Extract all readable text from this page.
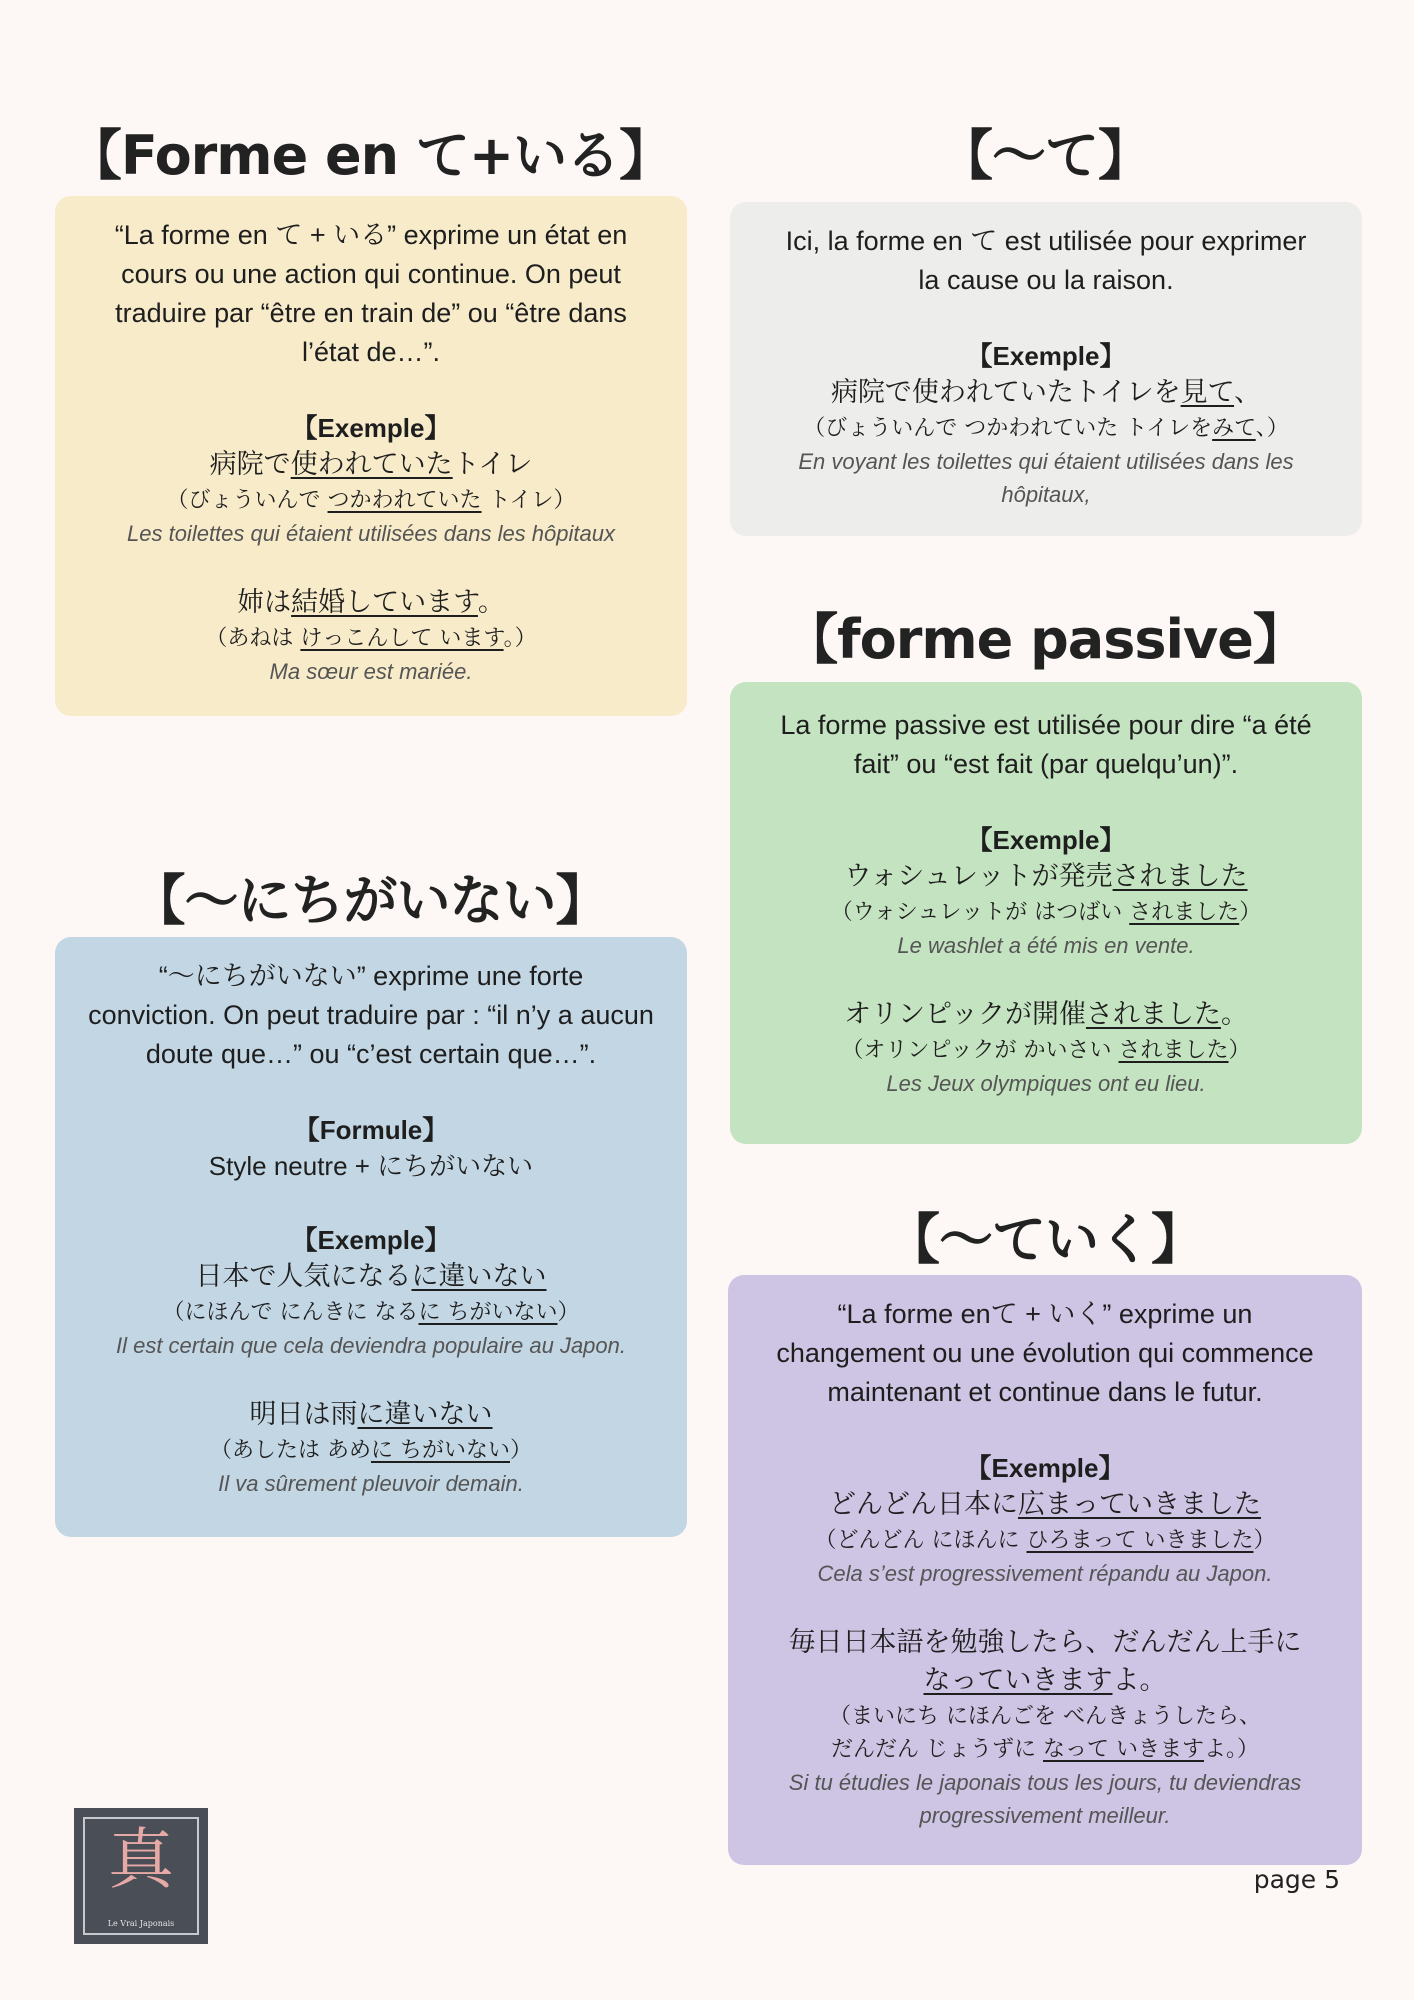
【Forme en て+いる】
“La forme en て + いる” exprime un état en
cours ou une action qui continue. On peut
traduire par “être en train de” ou “être dans
l’état de…”.
【Exemple】
病院で使われていたトイレ
（びょういんで つかわれていた トイレ）
Les toilettes qui étaient utilisées dans les hôpitaux
姉は結婚しています。
（あねは けっこんして います。）
Ma sœur est mariée.
【〜て】
Ici, la forme en て est utilisée pour exprimer
la cause ou la raison.
【Exemple】
病院で使われていたトイレを見て、
（びょういんで つかわれていた トイレをみて、）
En voyant les toilettes qui étaient utilisées dans les
hôpitaux,
【forme passive】
La forme passive est utilisée pour dire “a été
fait” ou “est fait (par quelqu’un)”.
【Exemple】
ウォシュレットが発売されました
（ウォシュレットが はつばい されました）
Le washlet a été mis en vente.
オリンピックが開催されました。
（オリンピックが かいさい されました）
Les Jeux olympiques ont eu lieu.
【〜にちがいない】
“〜にちがいない” exprime une forte
conviction. On peut traduire par : “il n’y a aucun
doute que…” ou “c’est certain que…”.
【Formule】
Style neutre + にちがいない
【Exemple】
日本で人気になるに違いない
（にほんで にんきに なるに ちがいない）
Il est certain que cela deviendra populaire au Japon.
明日は雨に違いない
（あしたは あめに ちがいない）
Il va sûrement pleuvoir demain.
【〜ていく】
“La forme enて + いく” exprime un
changement ou une évolution qui commence
maintenant et continue dans le futur.
【Exemple】
どんどん日本に広まっていきました
（どんどん にほんに ひろまって いきました）
Cela s’est progressivement répandu au Japon.
毎日日本語を勉強したら、だんだん上手に
なっていきますよ。
（まいにち にほんごを べんきょうしたら、
だんだん じょうずに なって いきますよ。）
Si tu étudies le japonais tous les jours, tu deviendras
progressivement meilleur.
真
Le Vrai Japonais
page 5
